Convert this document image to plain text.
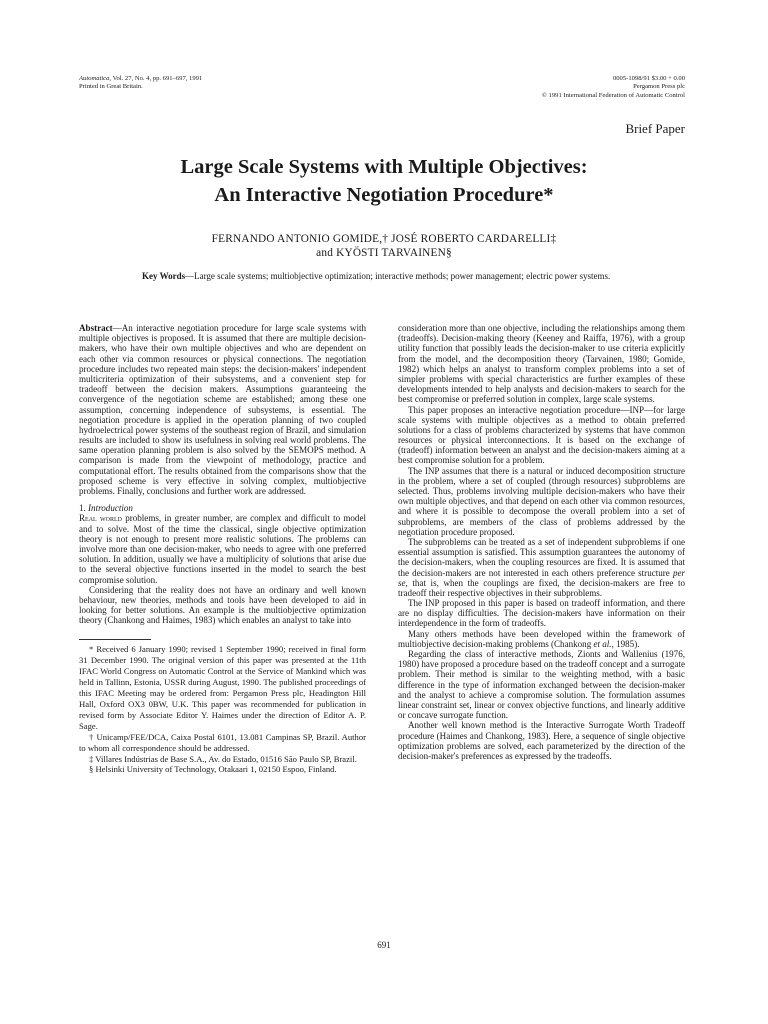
Automatica, Vol. 27, No. 4, pp. 691–697, 1991
Printed in Great Britain.
0005-1098/91 $3.00 + 0.00
Pergamon Press plc
© 1991 International Federation of Automatic Control
Brief Paper
Large Scale Systems with Multiple Objectives:
An Interactive Negotiation Procedure*
FERNANDO ANTONIO GOMIDE,† JOSÉ ROBERTO CARDARELLI‡
and KYÖSTI TARVAINEN§
Key Words—Large scale systems; multiobjective optimization; interactive methods; power management; electric power systems.

Abstract—An interactive negotiation procedure for large scale systems with multiple objectives is proposed. It is assumed that there are multiple decision-makers, who have their own multiple objectives and who are dependent on each other via common resources or physical connections. The negotiation procedure includes two repeated main steps: the decision-makers' independent multicriteria optimization of their subsystems, and a convenient step for tradeoff between the decision makers. Assumptions guaranteeing the convergence of the negotiation scheme are established; among these one assumption, concerning independence of subsystems, is essential. The negotiation procedure is applied in the operation planning of two coupled hydroelectrical power systems of the southeast region of Brazil, and simulation results are included to show its usefulness in solving real world problems. The same operation planning problem is also solved by the SEMOPS method. A comparison is made from the viewpoint of methodology, practice and computational effort. The results obtained from the comparisons show that the proposed scheme is very effective in solving complex, multiobjective problems. Finally, conclusions and further work are addressed.

1. Introduction

Real world problems, in greater number, are complex and difficult to model and to solve. Most of the time the classical, single objective optimization theory is not enough to present more realistic solutions. The problems can involve more than one decision-maker, who needs to agree with one preferred solution. In addition, usually we have a multiplicity of solutions that arise due to the several objective functions inserted in the model to search the best compromise solution.

Considering that the reality does not have an ordinary and well known behaviour, new theories, methods and tools have been developed to aid in looking for better solutions. An example is the multiobjective optimization theory (Chankong and Haimes, 1983) which enables an analyst to take into

* Received 6 January 1990; revised 1 September 1990; received in final form 31 December 1990. The original version of this paper was presented at the 11th IFAC World Congress on Automatic Control at the Service of Mankind which was held in Tallinn, Estonia, USSR during August, 1990. The published proceedings of this IFAC Meeting may be ordered from: Pergamon Press plc, Headington Hill Hall, Oxford OX3 0BW, U.K. This paper was recommended for publication in revised form by Associate Editor Y. Haimes under the direction of Editor A. P. Sage.

† Unicamp/FEE/DCA, Caixa Postal 6101, 13.081 Campinas SP, Brazil. Author to whom all correspondence should be addressed.

‡ Villares Indústrias de Base S.A., Av. do Estado, 01516 São Paulo SP, Brazil.

§ Helsinki University of Technology, Otakaari 1, 02150 Espoo, Finland.

consideration more than one objective, including the relationships among them (tradeoffs). Decision-making theory (Keeney and Raiffa, 1976), with a group utility function that possibly leads the decision-maker to use criteria explicitly from the model, and the decomposition theory (Tarvainen, 1980; Gomide, 1982) which helps an analyst to transform complex problems into a set of simpler problems with special characteristics are further examples of these developments intended to help analysts and decision-makers to search for the best compromise or preferred solution in complex, large scale systems.

This paper proposes an interactive negotiation procedure—INP—for large scale systems with multiple objectives as a method to obtain preferred solutions for a class of problems characterized by systems that have common resources or physical interconnections. It is based on the exchange of (tradeoff) information between an analyst and the decision-makers aiming at a best compromise solution for a problem.

The INP assumes that there is a natural or induced decomposition structure in the problem, where a set of coupled (through resources) subproblems are selected. Thus, problems involving multiple decision-makers who have their own multiple objectives, and that depend on each other via common resources, and where it is possible to decompose the overall problem into a set of subproblems, are members of the class of problems addressed by the negotiation procedure proposed.

The subproblems can be treated as a set of independent subproblems if one essential assumption is satisfied. This assumption guarantees the autonomy of the decision-makers, when the coupling resources are fixed. It is assumed that the decision-makers are not interested in each others preference structure per se, that is, when the couplings are fixed, the decision-makers are free to tradeoff their respective objectives in their subproblems.

The INP proposed in this paper is based on tradeoff information, and there are no display difficulties. The decision-makers have information on their interdependence in the form of tradeoffs.

Many others methods have been developed within the framework of multiobjective decision-making problems (Chankong et al., 1985).

Regarding the class of interactive methods, Zionts and Wallenius (1976, 1980) have proposed a procedure based on the tradeoff concept and a surrogate problem. Their method is similar to the weighting method, with a basic difference in the type of information exchanged between the decision-maker and the analyst to achieve a compromise solution. The formulation assumes linear constraint set, linear or convex objective functions, and linearly additive or concave surrogate function.

Another well known method is the Interactive Surrogate Worth Tradeoff procedure (Haimes and Chankong, 1983). Here, a sequence of single objective optimization problems are solved, each parameterized by the direction of the decision-maker's preferences as expressed by the tradeoffs.

691
